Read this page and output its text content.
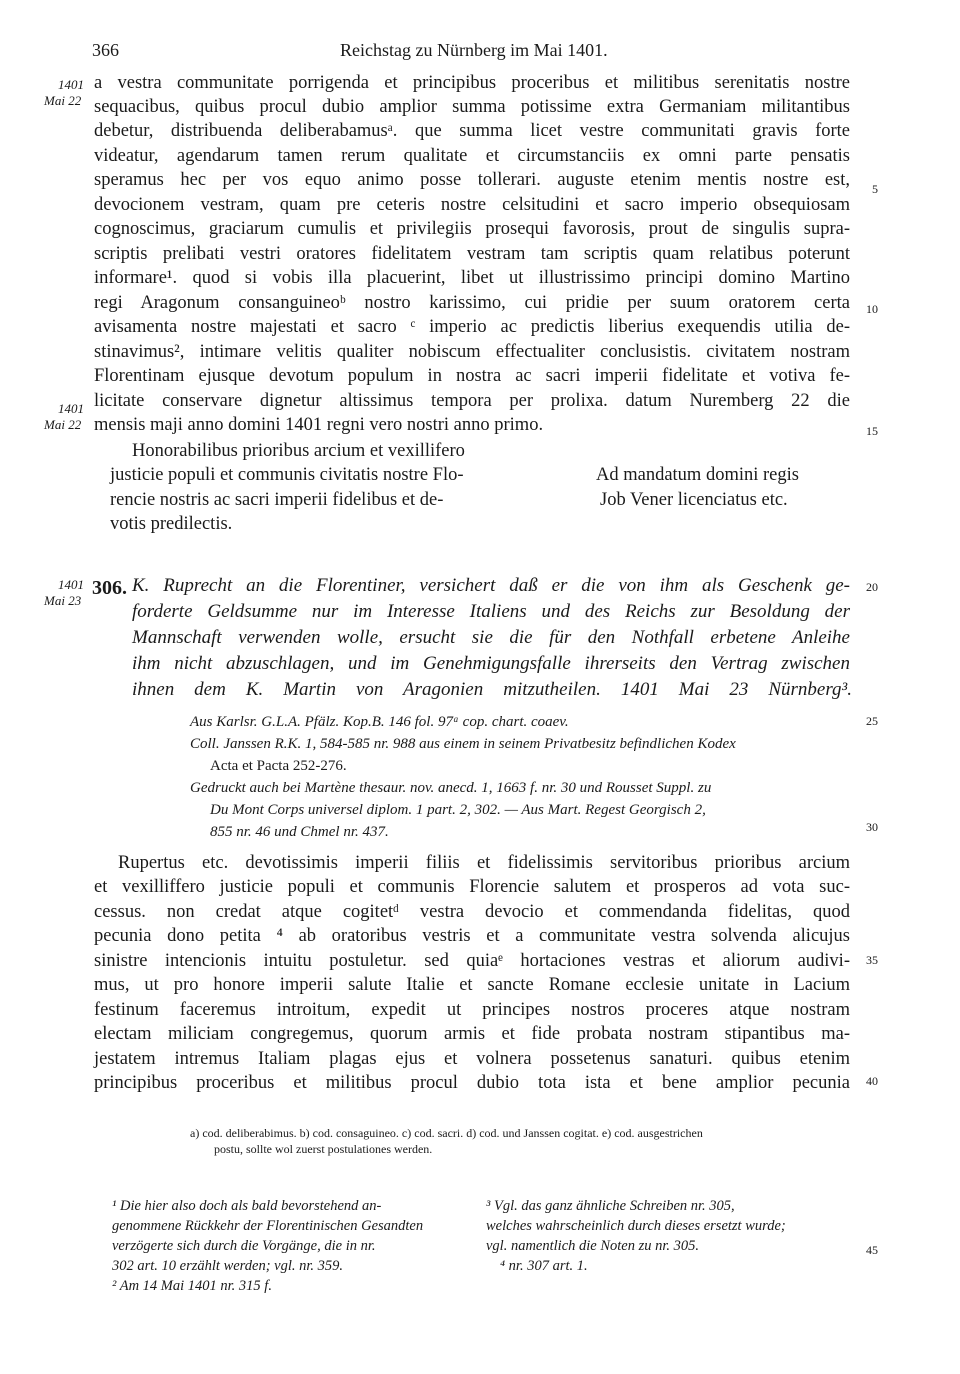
366	Reichstag zu Nürnberg im Mai 1401.
1401
Mai 22
1401
Mai 22
1401
Mai 23
5
10
15
20
25
30
35
40
45
a vestra communitate porrigenda et principibus proceribus et militibus serenitatis nostre
sequacibus, quibus procul dubio amplior summa potissime extra Germaniam militantibus
debetur, distribuenda deliberabamusᵃ. que summa licet vestre communitati gravis forte
videatur, agendarum tamen rerum qualitate et circumstanciis ex omni parte pensatis
speramus hec per vos equo animo posse tollerari. auguste etenim mentis nostre est,
devocionem vestram, quam pre ceteris nostre celsitudini et sacro imperio obsequiosam
cognoscimus, graciarum cumulis et privilegiis prosequi favorosis, prout de singulis supra-
scriptis prelibati vestri oratores fidelitatem vestram tam scriptis quam relatibus poterunt
informare¹. quod si vobis illa placuerint, libet ut illustrissimo principi domino Martino
regi Aragonum consanguineoᵇ nostro karissimo, cui pridie per suum oratorem certa
avisamenta nostre majestati et sacro ᶜ imperio ac predictis liberius exequendis utilia de-
stinavimus², intimare velitis qualiter nobiscum effectualiter conclusistis. civitatem nostram
Florentinam ejusque devotum populum in nostra ac sacri imperii fidelitate et votiva fe-
licitate conservare dignetur altissimus tempora per prolixa. datum Nuremberg 22 die
mensis maji anno domini 1401 regni vero nostri anno primo.
Honorabilibus prioribus arcium et vexillifero
justicie populi et communis civitatis nostre Flo-
rencie nostris ac sacri imperii fidelibus et de-
votis predilectis.
Ad mandatum domini regis
Job Vener licenciatus etc.
306. K. Ruprecht an die Florentiner, versichert daß er die von ihm als Geschenk ge-
forderte Geldsumme nur im Interesse Italiens und des Reichs zur Besoldung der
Mannschaft verwenden wolle, ersucht sie die für den Nothfall erbetene Anleihe
ihm nicht abzuschlagen, und im Genehmigungsfalle ihrerseits den Vertrag zwischen
ihnen dem K. Martin von Aragonien mitzutheilen. 1401 Mai 23 Nürnberg³.
Aus Karlsr. G.L.A. Pfälz. Kop.B. 146 fol. 97ᵃ cop. chart. coaev.
Coll. Janssen R.K. 1, 584-585 nr. 988 aus einem in seinem Privatbesitz befindlichen Kodex
Acta et Pacta 252-276.
Gedruckt auch bei Martène thesaur. nov. anecd. 1, 1663 f. nr. 30 und Rousset Suppl. zu
Du Mont Corps universel diplom. 1 part. 2, 302. — Aus Mart. Regest Georgisch 2,
855 nr. 46 und Chmel nr. 437.
Rupertus etc. devotissimis imperii filiis et fidelissimis servitoribus prioribus arcium
et vexilliffero justicie populi et communis Florencie salutem et prosperos ad vota suc-
cessus. non credat atque cogitetᵈ vestra devocio et commendanda fidelitas, quod
pecunia dono petita ⁴ ab oratoribus vestris et a communitate vestra solvenda alicujus
sinistre intencionis intuitu postuletur. sed quiaᵉ hortaciones vestras et aliorum audivi-
mus, ut pro honore imperii salute Italie et sancte Romane ecclesie unitate in Lacium
festinum faceremus introitum, expedit ut principes nostros proceres atque nostram
electam miliciam congregemus, quorum armis et fide probata nostram stipantibus ma-
jestatem intremus Italiam plagas ejus et volnera possetenus sanaturi. quibus etenim
principibus proceribus et militibus procul dubio tota ista et bene amplior pecunia
a) cod. deliberabimus. b) cod. consaguineo. c) cod. sacri. d) cod. und Janssen cogitat. e) cod. ausgestrichen
postu, sollte wol zuerst postulationes werden.
¹ Die hier also doch als bald bevorstehend an-
genommene Rückkehr der Florentinischen Gesandten
verzögerte sich durch die Vorgänge, die in nr.
302 art. 10 erzählt werden; vgl. nr. 359.
² Am 14 Mai 1401 nr. 315 f.
³ Vgl. das ganz ähnliche Schreiben nr. 305,
welches wahrscheinlich durch dieses ersetzt wurde;
vgl. namentlich die Noten zu nr. 305.
⁴ nr. 307 art. 1.
